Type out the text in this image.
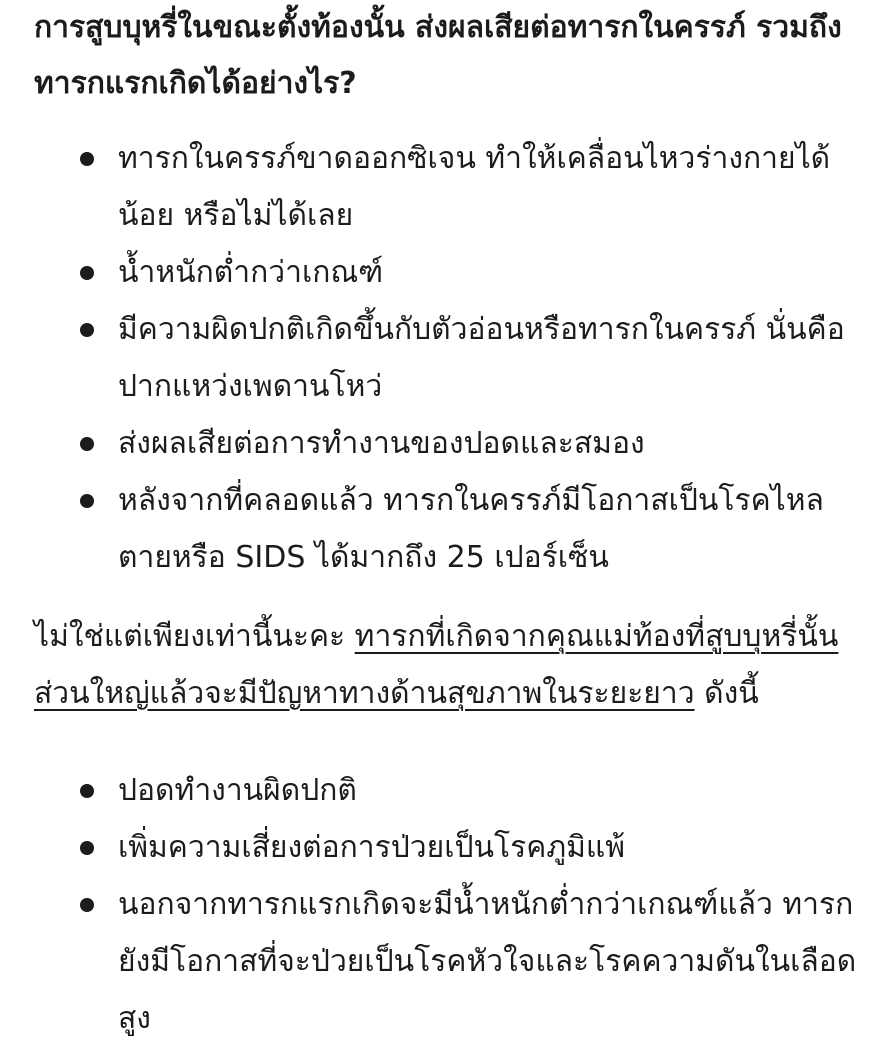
การสูบบุหรี่ในขณะตั้งท้องนั้น ส่งผลเสียต่อทารกในครรภ์ รวมถึงทารกแรกเกิดได้อย่างไร?
ทารกในครรภ์ขาดออกซิเจน ทำให้เคลื่อนไหวร่างกายได้น้อย หรือไม่ได้เลย
น้ำหนักต่ำกว่าเกณฑ์
มีความผิดปกติเกิดขึ้นกับตัวอ่อนหรือทารกในครรภ์ นั่นคือ ปากแหว่งเพดานโหว่
ส่งผลเสียต่อการทำงานของปอดและสมอง
หลังจากที่คลอดแล้ว ทารกในครรภ์มีโอกาสเป็นโรคไหลตายหรือ SIDS ได้มากถึง 25 เปอร์เซ็น

ไม่ใช่แต่เพียงเท่านี้นะคะ ทารกที่เกิดจากคุณแม่ท้องที่สูบบุหรี่นั้น ส่วนใหญ่แล้วจะมีปัญหาทางด้านสุขภาพในระยะยาว ดังนี้

ปอดทำงานผิดปกติ
เพิ่มความเสี่ยงต่อการป่วยเป็นโรคภูมิแพ้
นอกจากทารกแรกเกิดจะมีน้ำหนักต่ำกว่าเกณฑ์แล้ว ทารกยังมีโอกาสที่จะป่วยเป็นโรคหัวใจและโรคความดันในเลือดสูง
